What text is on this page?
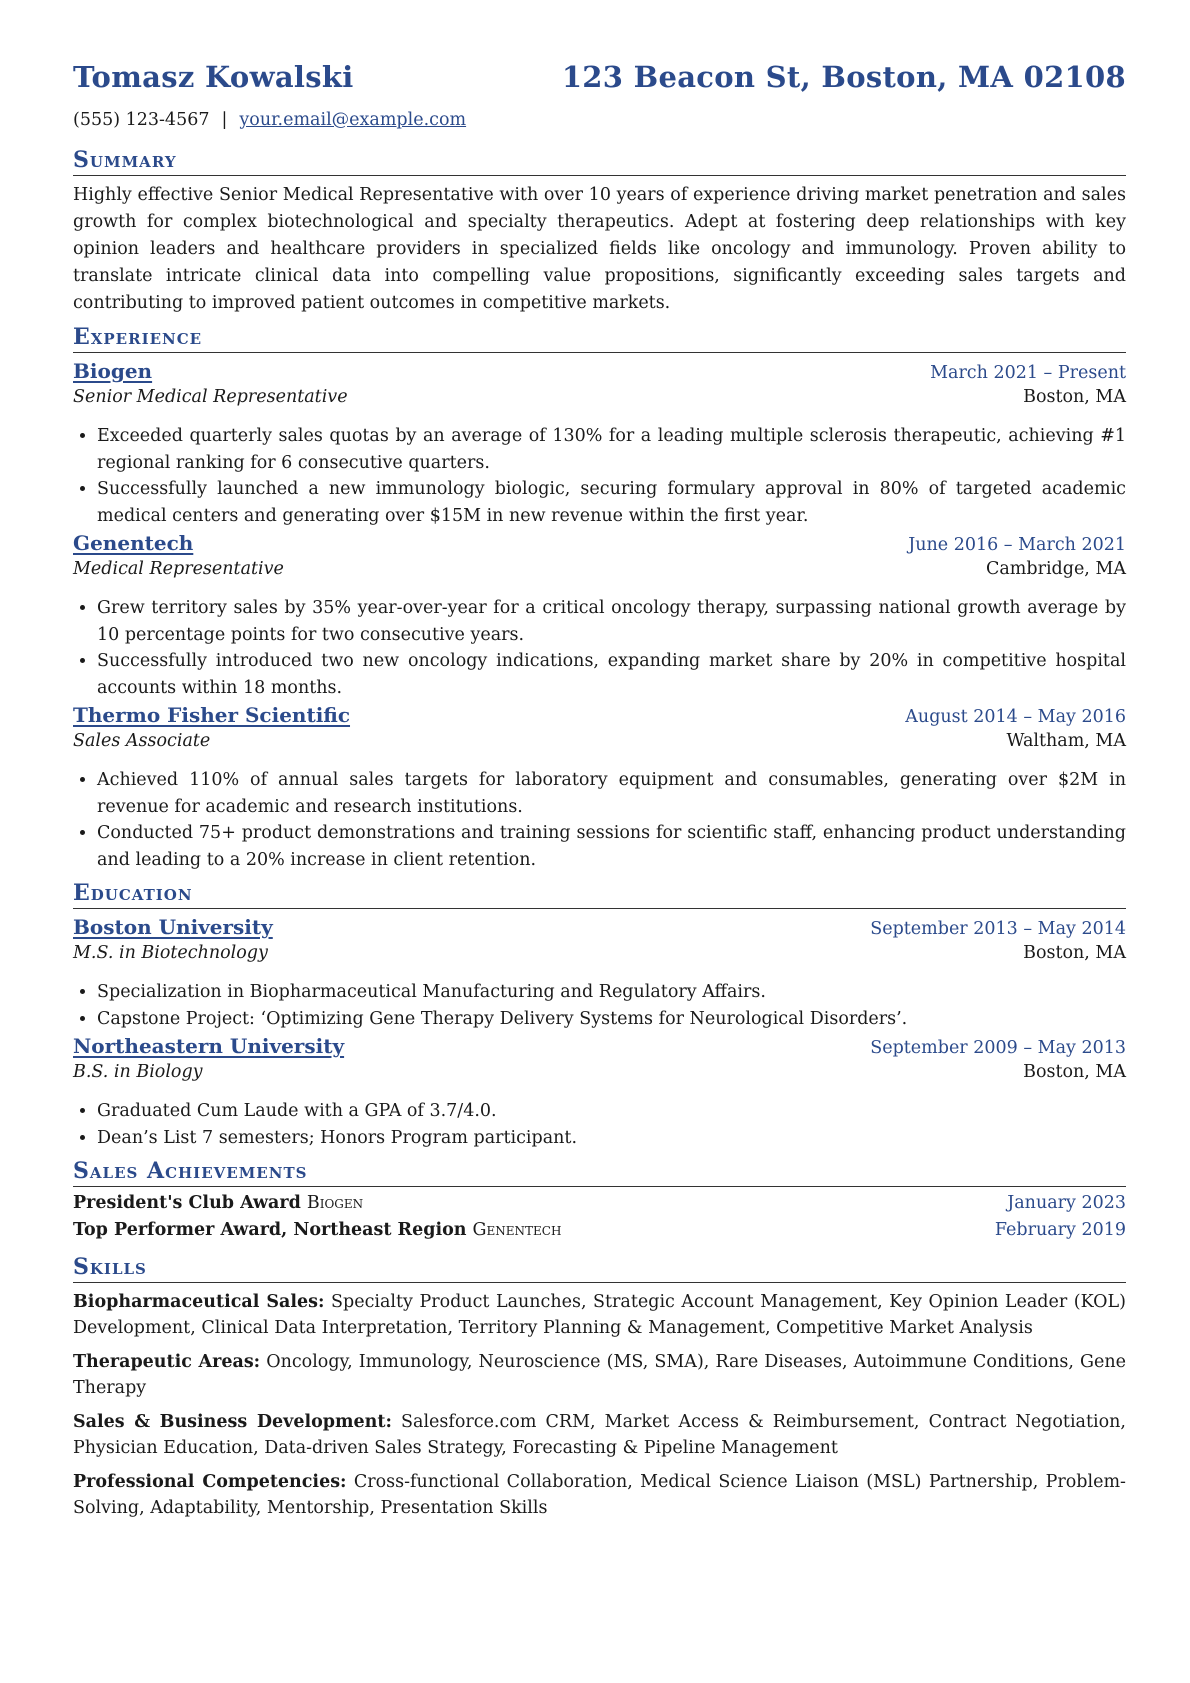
Tomasz Kowalski	123 Beacon St, Boston, MA 02108
(555) 123-4567 | your.email@example.com
Summary

Highly effective Senior Medical Representative with over 10 years of experience driving market penetration and sales growth for complex biotechnological and specialty therapeutics. Adept at fostering deep relationships with key opinion leaders and healthcare providers in specialized fields like oncology and immunology. Proven ability to translate intricate clinical data into compelling value propositions, significantly exceeding sales targets and contributing to improved patient outcomes in competitive markets.

Experience
Biogen	March 2021 – Present
Senior Medical Representative	Boston, MA
• Exceeded quarterly sales quotas by an average of 130% for a leading multiple sclerosis therapeutic, achieving #1 regional ranking for 6 consecutive quarters.
• Successfully launched a new immunology biologic, securing formulary approval in 80% of targeted academic medical centers and generating over $15M in new revenue within the first year.
Genentech	June 2016 – March 2021
Medical Representative	Cambridge, MA
• Grew territory sales by 35% year-over-year for a critical oncology therapy, surpassing national growth average by 10 percentage points for two consecutive years.
• Successfully introduced two new oncology indications, expanding market share by 20% in competitive hospital accounts within 18 months.
Thermo Fisher Scientific	August 2014 – May 2016
Sales Associate	Waltham, MA
• Achieved 110% of annual sales targets for laboratory equipment and consumables, generating over $2M in revenue for academic and research institutions.
• Conducted 75+ product demonstrations and training sessions for scientific staff, enhancing product understanding and leading to a 20% increase in client retention.
Education
Boston University	September 2013 – May 2014
M.S. in Biotechnology	Boston, MA
• Specialization in Biopharmaceutical Manufacturing and Regulatory Affairs.
• Capstone Project: ‘Optimizing Gene Therapy Delivery Systems for Neurological Disorders’.
Northeastern University	September 2009 – May 2013
B.S. in Biology	Boston, MA
• Graduated Cum Laude with a GPA of 3.7/4.0.
• Dean’s List 7 semesters; Honors Program participant.
Sales Achievements
President's Club Award Biogen	January 2023
Top Performer Award, Northeast Region Genentech	February 2019
Skills

Biopharmaceutical Sales: Specialty Product Launches, Strategic Account Management, Key Opinion Leader (KOL) Development, Clinical Data Interpretation, Territory Planning & Management, Competitive Market Analysis

Therapeutic Areas: Oncology, Immunology, Neuroscience (MS, SMA), Rare Diseases, Autoimmune Conditions, Gene Therapy

Sales & Business Development: Salesforce.com CRM, Market Access & Reimbursement, Contract Negotiation, Physician Education, Data-driven Sales Strategy, Forecasting & Pipeline Management

Professional Competencies: Cross-functional Collaboration, Medical Science Liaison (MSL) Partnership, Problem-Solving, Adaptability, Mentorship, Presentation Skills
